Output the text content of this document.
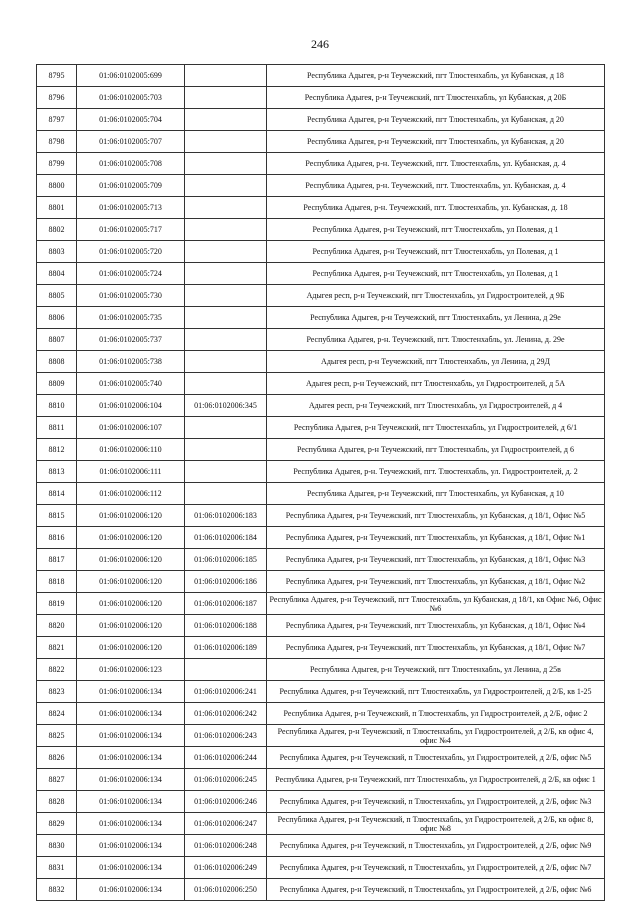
246
8795	01:06:0102005:699		Республика Адыгея, р-н Теучежский, пгт Тлюстенхабль, ул Кубанская, д 18
8796	01:06:0102005:703		Республика Адыгея, р-н Теучежский, пгт Тлюстенхабль, ул Кубанская, д 20Б
8797	01:06:0102005:704		Республика Адыгея, р-н Теучежский, пгт Тлюстенхабль, ул Кубанская, д 20
8798	01:06:0102005:707		Республика Адыгея, р-н Теучежский, пгт Тлюстенхабль, ул Кубанская, д 20
8799	01:06:0102005:708		Республика Адыгея, р-н. Теучежский, пгт. Тлюстенхабль, ул. Кубанская, д. 4
8800	01:06:0102005:709		Республика Адыгея, р-н. Теучежский, пгт. Тлюстенхабль, ул. Кубанская, д. 4
8801	01:06:0102005:713		Республика Адыгея, р-н. Теучежский, пгт. Тлюстенхабль, ул. Кубанская, д. 18
8802	01:06:0102005:717		Республика Адыгея, р-н Теучежский, пгт Тлюстенхабль, ул Полевая, д 1
8803	01:06:0102005:720		Республика Адыгея, р-н Теучежский, пгт Тлюстенхабль, ул Полевая, д 1
8804	01:06:0102005:724		Республика Адыгея, р-н Теучежский, пгт Тлюстенхабль, ул Полевая, д 1
8805	01:06:0102005:730		Адыгея респ, р-н Теучежский, пгт Тлюстенхабль, ул Гидростроителей, д 9Б
8806	01:06:0102005:735		Республика Адыгея, р-н Теучежский, пгт Тлюстенхабль, ул Ленина, д 29е
8807	01:06:0102005:737		Республика Адыгея, р-н. Теучежский, пгт. Тлюстенхабль, ул. Ленина, д. 29е
8808	01:06:0102005:738		Адыгея респ, р-н Теучежский, пгт Тлюстенхабль, ул Ленина, д 29Д
8809	01:06:0102005:740		Адыгея респ, р-н Теучежский, пгт Тлюстенхабль, ул Гидростроителей, д 5А
8810	01:06:0102006:104	01:06:0102006:345	Адыгея респ, р-н Теучежский, пгт Тлюстенхабль, ул Гидростроителей, д 4
8811	01:06:0102006:107		Республика Адыгея, р-н Теучежский, пгт Тлюстенхабль, ул Гидростроителей, д 6/1
8812	01:06:0102006:110		Республика Адыгея, р-н Теучежский, пгт Тлюстенхабль, ул Гидростроителей, д 6
8813	01:06:0102006:111		Республика Адыгея, р-н. Теучежский, пгт. Тлюстенхабль, ул. Гидростроителей, д. 2
8814	01:06:0102006:112		Республика Адыгея, р-н Теучежский, пгт Тлюстенхабль, ул Кубанская, д 10
8815	01:06:0102006:120	01:06:0102006:183	Республика Адыгея, р-н Теучежский, пгт Тлюстенхабль, ул Кубанская, д 18/1, Офис №5
8816	01:06:0102006:120	01:06:0102006:184	Республика Адыгея, р-н Теучежский, пгт Тлюстенхабль, ул Кубанская, д 18/1, Офис №1
8817	01:06:0102006:120	01:06:0102006:185	Республика Адыгея, р-н Теучежский, пгт Тлюстенхабль, ул Кубанская, д 18/1, Офис №3
8818	01:06:0102006:120	01:06:0102006:186	Республика Адыгея, р-н Теучежский, пгт Тлюстенхабль, ул Кубанская, д 18/1, Офис №2
8819	01:06:0102006:120	01:06:0102006:187	Республика Адыгея, р-н Теучежский, пгт Тлюстенхабль, ул Кубанская, д 18/1, кв Офис №6, Офис №6
8820	01:06:0102006:120	01:06:0102006:188	Республика Адыгея, р-н Теучежский, пгт Тлюстенхабль, ул Кубанская, д 18/1, Офис №4
8821	01:06:0102006:120	01:06:0102006:189	Республика Адыгея, р-н Теучежский, пгт Тлюстенхабль, ул Кубанская, д 18/1, Офис №7
8822	01:06:0102006:123		Республика Адыгея, р-н Теучежский, пгт Тлюстенхабль, ул Ленина, д 25в
8823	01:06:0102006:134	01:06:0102006:241	Республика Адыгея, р-н Теучежский, пгт Тлюстенхабль, ул Гидростроителей, д 2/Б, кв 1-25
8824	01:06:0102006:134	01:06:0102006:242	Республика Адыгея, р-н Теучежский, п Тлюстенхабль, ул Гидростроителей, д 2/Б, офис 2
8825	01:06:0102006:134	01:06:0102006:243	Республика Адыгея, р-н Теучежский, п Тлюстенхабль, ул Гидростроителей, д 2/Б, кв офис 4, офис №4
8826	01:06:0102006:134	01:06:0102006:244	Республика Адыгея, р-н Теучежский, п Тлюстенхабль, ул Гидростроителей, д 2/Б, офис №5
8827	01:06:0102006:134	01:06:0102006:245	Республика Адыгея, р-н Теучежский, пгт Тлюстенхабль, ул Гидростроителей, д 2/Б, кв офис 1
8828	01:06:0102006:134	01:06:0102006:246	Республика Адыгея, р-н Теучежский, п Тлюстенхабль, ул Гидростроителей, д 2/Б, офис №3
8829	01:06:0102006:134	01:06:0102006:247	Республика Адыгея, р-н Теучежский, п Тлюстенхабль, ул Гидростроителей, д 2/Б, кв офис 8, офис №8
8830	01:06:0102006:134	01:06:0102006:248	Республика Адыгея, р-н Теучежский, п Тлюстенхабль, ул Гидростроителей, д 2/Б, офис №9
8831	01:06:0102006:134	01:06:0102006:249	Республика Адыгея, р-н Теучежский, п Тлюстенхабль, ул Гидростроителей, д 2/Б, офис №7
8832	01:06:0102006:134	01:06:0102006:250	Республика Адыгея, р-н Теучежский, п Тлюстенхабль, ул Гидростроителей, д 2/Б, офис №6
